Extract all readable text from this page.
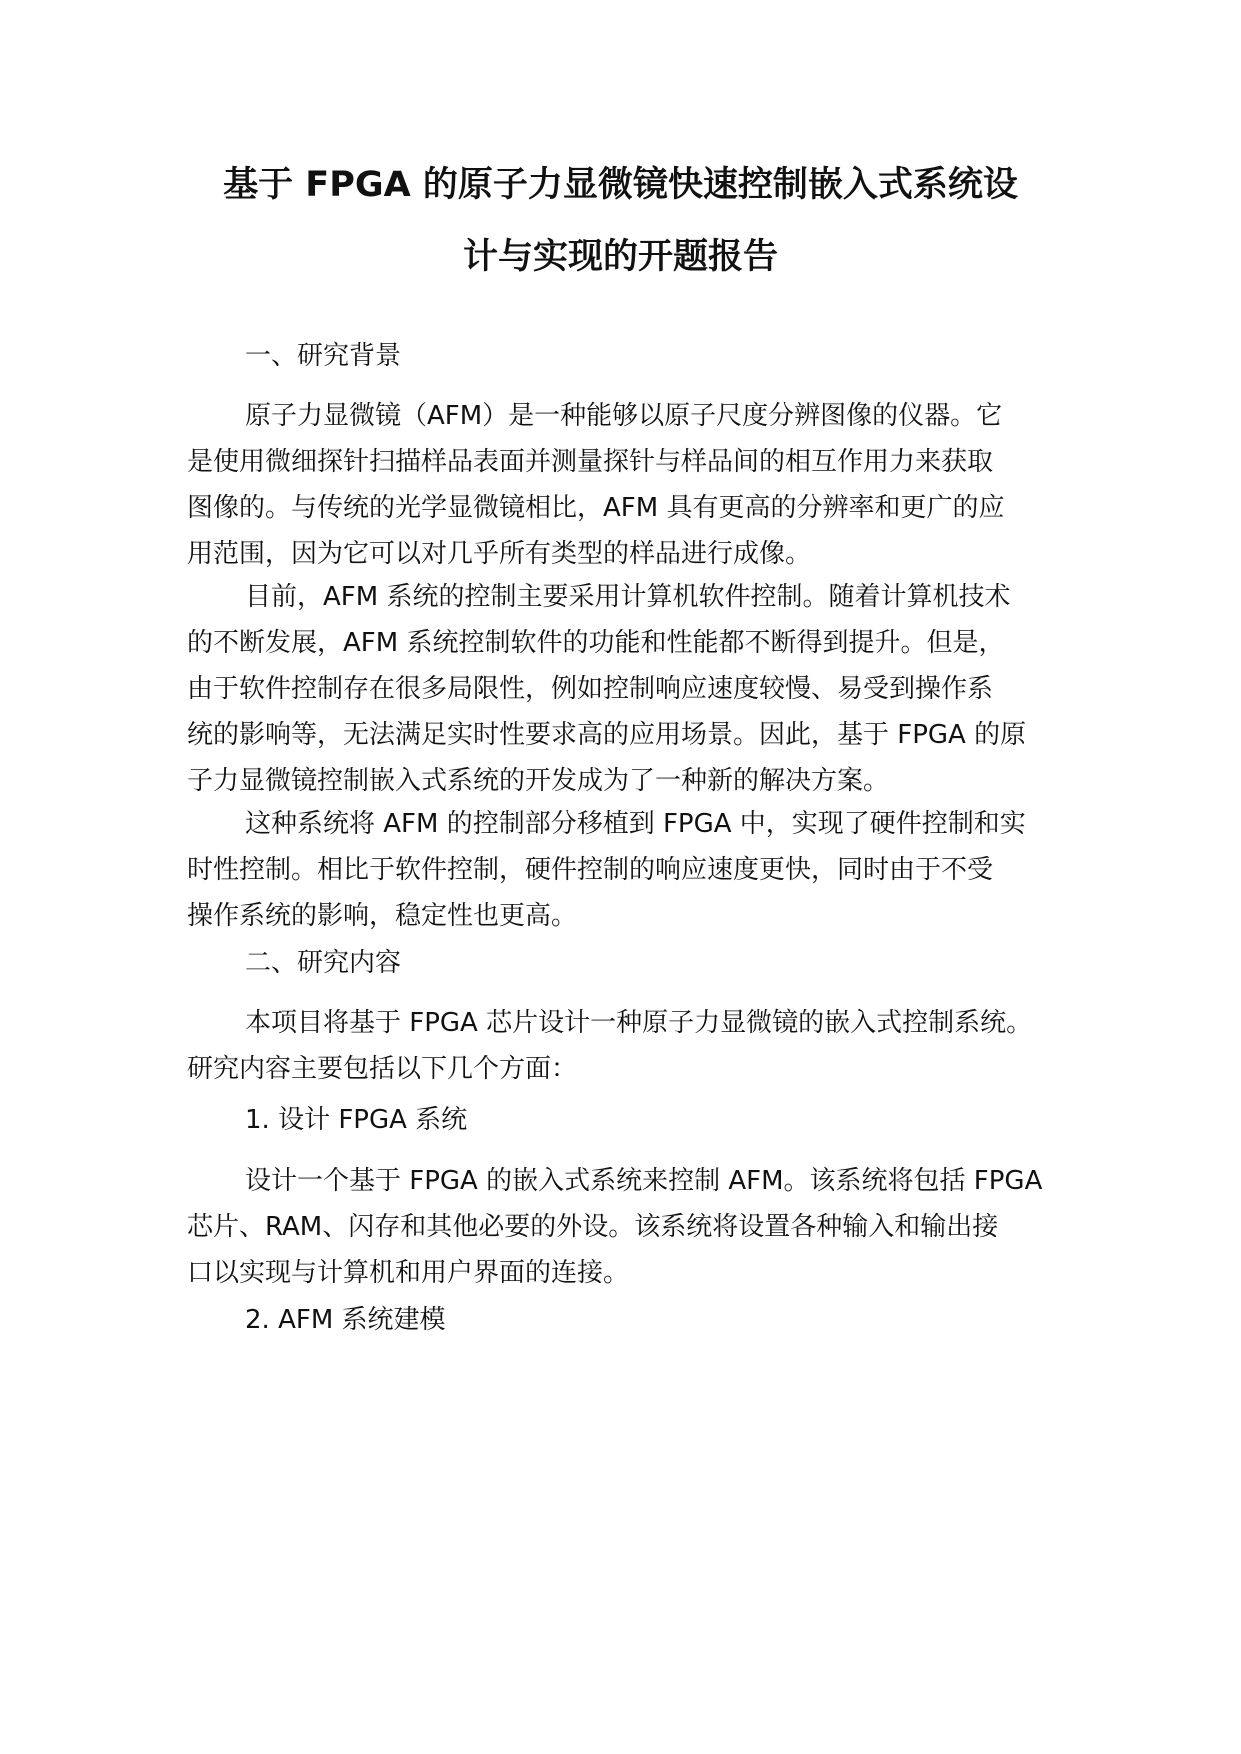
基于 FPGA 的原子力显微镜快速控制嵌入式系统设
计与实现的开题报告
一、研究背景
原子力显微镜（AFM）是一种能够以原子尺度分辨图像的仪器。它
是使用微细探针扫描样品表面并测量探针与样品间的相互作用力来获取
图像的。与传统的光学显微镜相比，AFM 具有更高的分辨率和更广的应
用范围，因为它可以对几乎所有类型的样品进行成像。
目前，AFM 系统的控制主要采用计算机软件控制。随着计算机技术
的不断发展，AFM 系统控制软件的功能和性能都不断得到提升。但是，
由于软件控制存在很多局限性，例如控制响应速度较慢、易受到操作系
统的影响等，无法满足实时性要求高的应用场景。因此，基于 FPGA 的原
子力显微镜控制嵌入式系统的开发成为了一种新的解决方案。
这种系统将 AFM 的控制部分移植到 FPGA 中，实现了硬件控制和实
时性控制。相比于软件控制，硬件控制的响应速度更快，同时由于不受
操作系统的影响，稳定性也更高。
二、研究内容
本项目将基于 FPGA 芯片设计一种原子力显微镜的嵌入式控制系统。
研究内容主要包括以下几个方面：
1. 设计 FPGA 系统
设计一个基于 FPGA 的嵌入式系统来控制 AFM。该系统将包括 FPGA
芯片、RAM、闪存和其他必要的外设。该系统将设置各种输入和输出接
口以实现与计算机和用户界面的连接。
2. AFM 系统建模
